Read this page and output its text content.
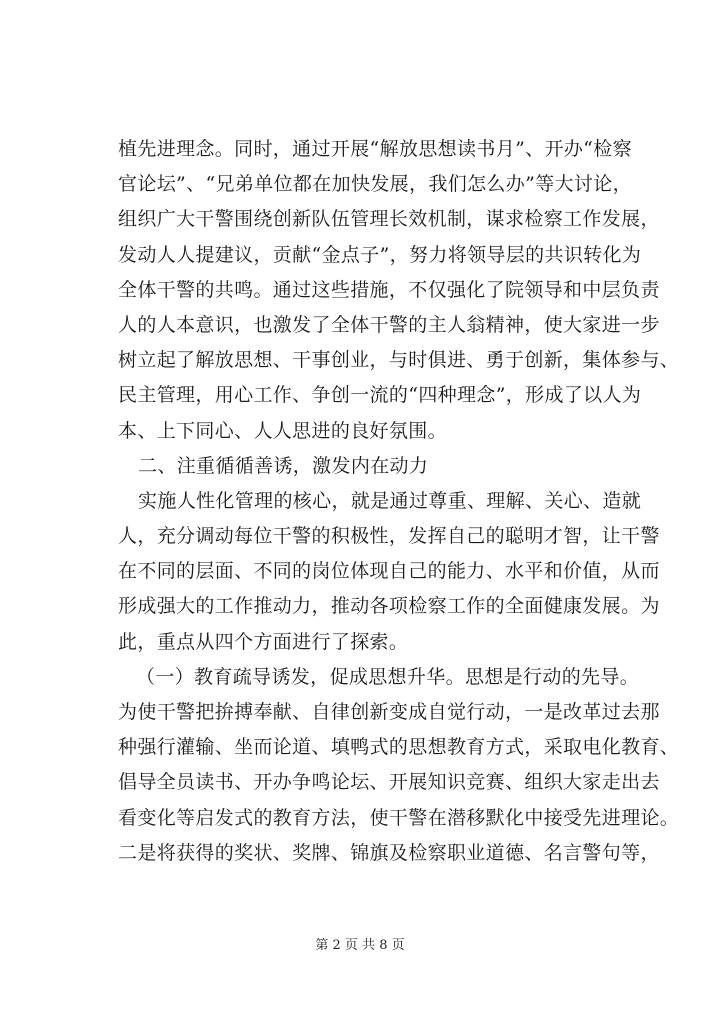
植先进理念。同时，通过开展“解放思想读书月”、开办“检察
官论坛”、“兄弟单位都在加快发展，我们怎么办”等大讨论，
组织广大干警围绕创新队伍管理长效机制，谋求检察工作发展，
发动人人提建议，贡献“金点子”，努力将领导层的共识转化为
全体干警的共鸣。通过这些措施，不仅强化了院领导和中层负责
人的人本意识，也激发了全体干警的主人翁精神，使大家进一步
树立起了解放思想、干事创业，与时俱进、勇于创新，集体参与、
民主管理，用心工作、争创一流的“四种理念”，形成了以人为
本、上下同心、人人思进的良好氛围。
二、注重循循善诱，激发内在动力
实施人性化管理的核心，就是通过尊重、理解、关心、造就
人，充分调动每位干警的积极性，发挥自己的聪明才智，让干警
在不同的层面、不同的岗位体现自己的能力、水平和价值，从而
形成强大的工作推动力，推动各项检察工作的全面健康发展。为
此，重点从四个方面进行了探索。
（一）教育疏导诱发，促成思想升华。思想是行动的先导。
为使干警把拚搏奉献、自律创新变成自觉行动，一是改革过去那
种强行灌输、坐而论道、填鸭式的思想教育方式，采取电化教育、
倡导全员读书、开办争鸣论坛、开展知识竞赛、组织大家走出去
看变化等启发式的教育方法，使干警在潜移默化中接受先进理论。
二是将获得的奖状、奖牌、锦旗及检察职业道德、名言警句等，
第 2 页 共 8 页
